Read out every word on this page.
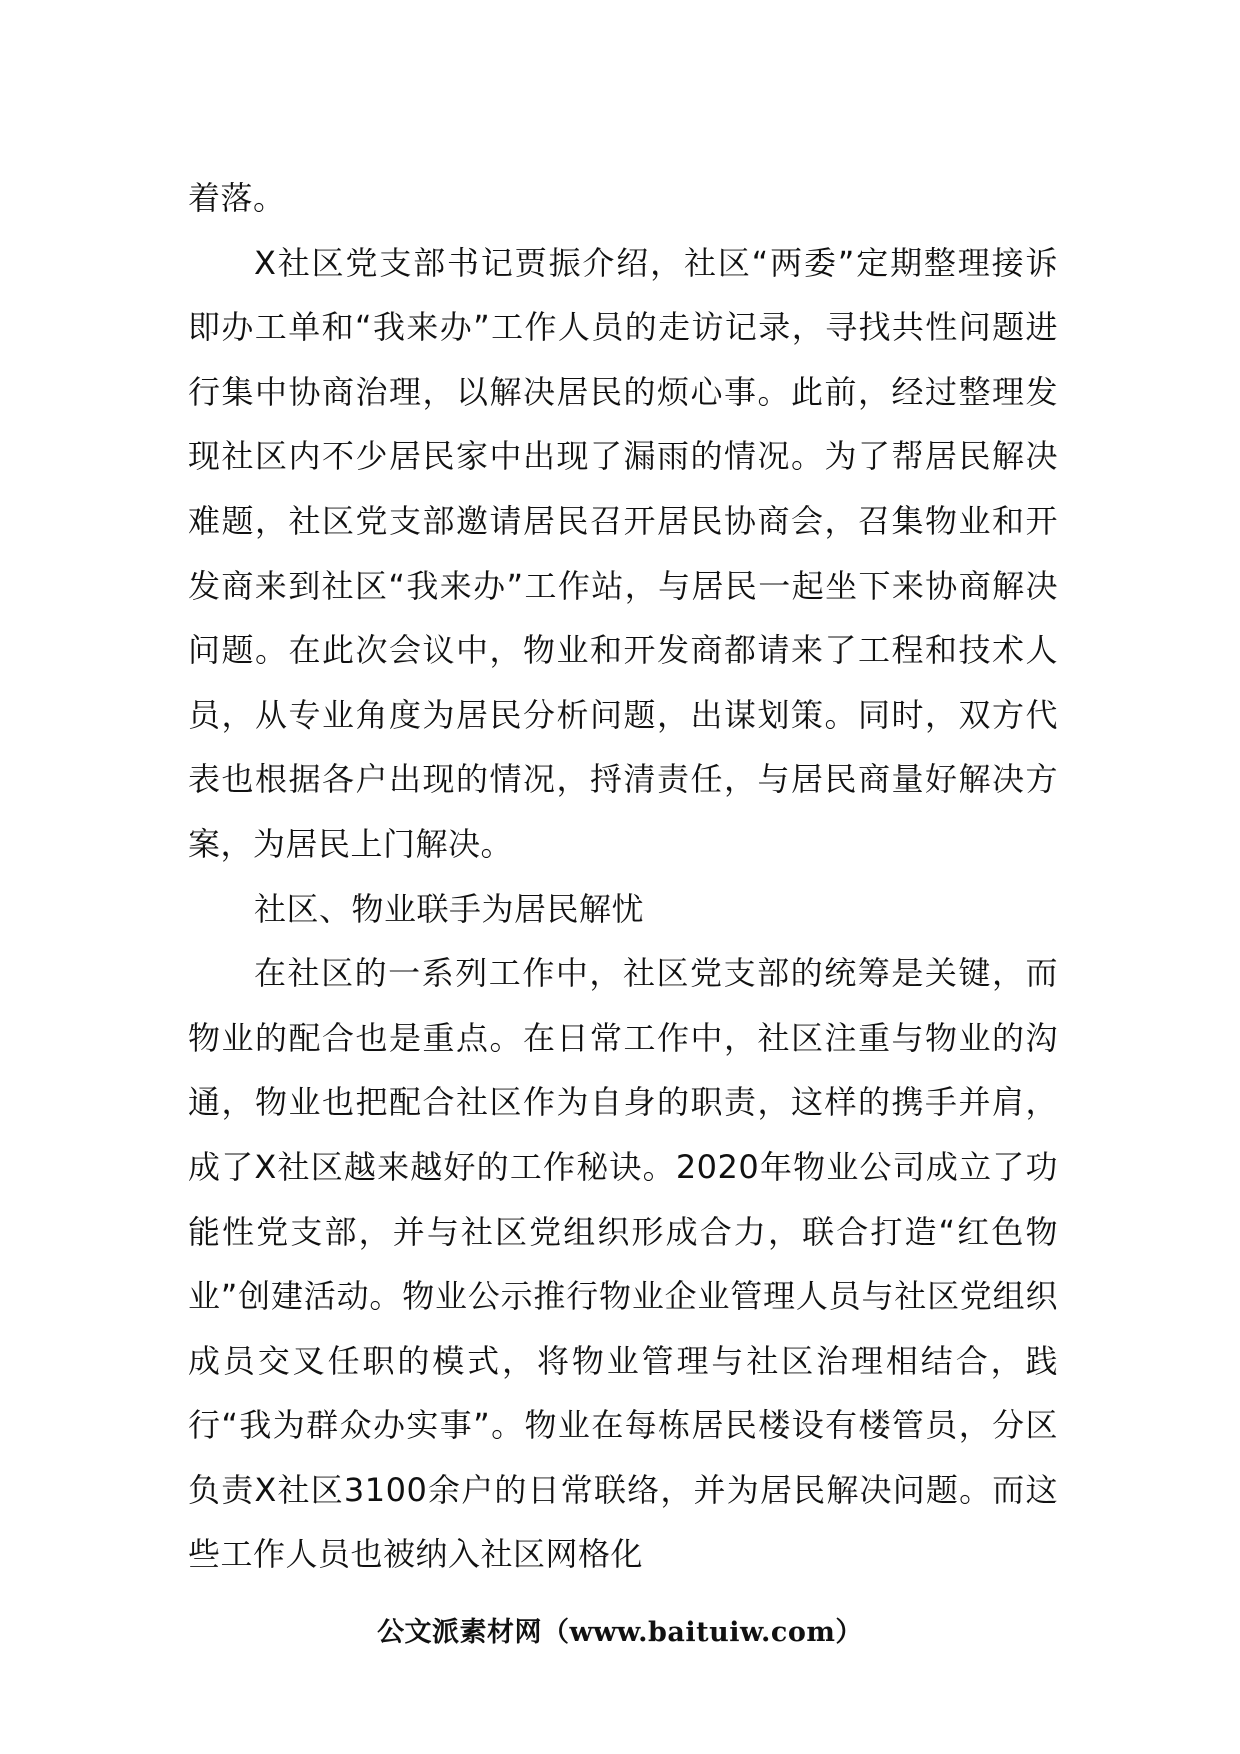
着落。

X社区党支部书记贾振介绍，社区“两委”定期整理接诉即办工单和“我来办”工作人员的走访记录，寻找共性问题进行集中协商治理，以解决居民的烦心事。此前，经过整理发现社区内不少居民家中出现了漏雨的情况。为了帮居民解决难题，社区党支部邀请居民召开居民协商会，召集物业和开发商来到社区“我来办”工作站，与居民一起坐下来协商解决问题。在此次会议中，物业和开发商都请来了工程和技术人员，从专业角度为居民分析问题，出谋划策。同时，双方代表也根据各户出现的情况，捋清责任，与居民商量好解决方案，为居民上门解决。

社区、物业联手为居民解忧

在社区的一系列工作中，社区党支部的统筹是关键，而物业的配合也是重点。在日常工作中，社区注重与物业的沟通，物业也把配合社区作为自身的职责，这样的携手并肩，成了X社区越来越好的工作秘诀。2020年物业公司成立了功能性党支部，并与社区党组织形成合力，联合打造“红色物业”创建活动。物业公示推行物业企业管理人员与社区党组织成员交叉任职的模式，将物业管理与社区治理相结合，践行“我为群众办实事”。物业在每栋居民楼设有楼管员，分区负责X社区3100余户的日常联络，并为居民解决问题。而这些工作人员也被纳入社区网格化

公文派素材网（www.baituiw.com）
